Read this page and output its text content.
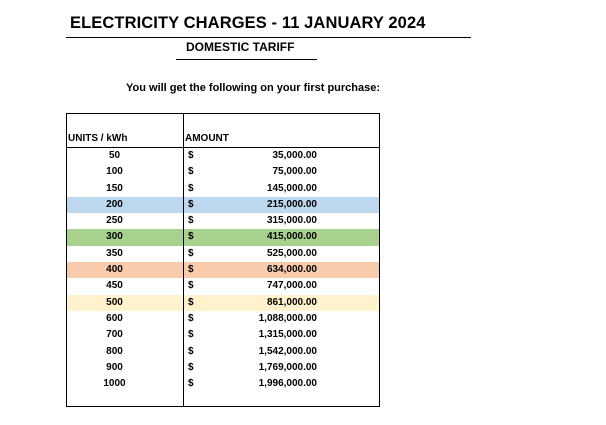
ELECTRICITY CHARGES - 11 JANUARY 2024
DOMESTIC TARIFF
You will get the following on your first purchase:
UNITS / kWh	AMOUNT
50	$	35,000.00
100	$	75,000.00
150	$	145,000.00
200	$	215,000.00
250	$	315,000.00
300	$	415,000.00
350	$	525,000.00
400	$	634,000.00
450	$	747,000.00
500	$	861,000.00
600	$	1,088,000.00
700	$	1,315,000.00
800	$	1,542,000.00
900	$	1,769,000.00
1000	$	1,996,000.00
